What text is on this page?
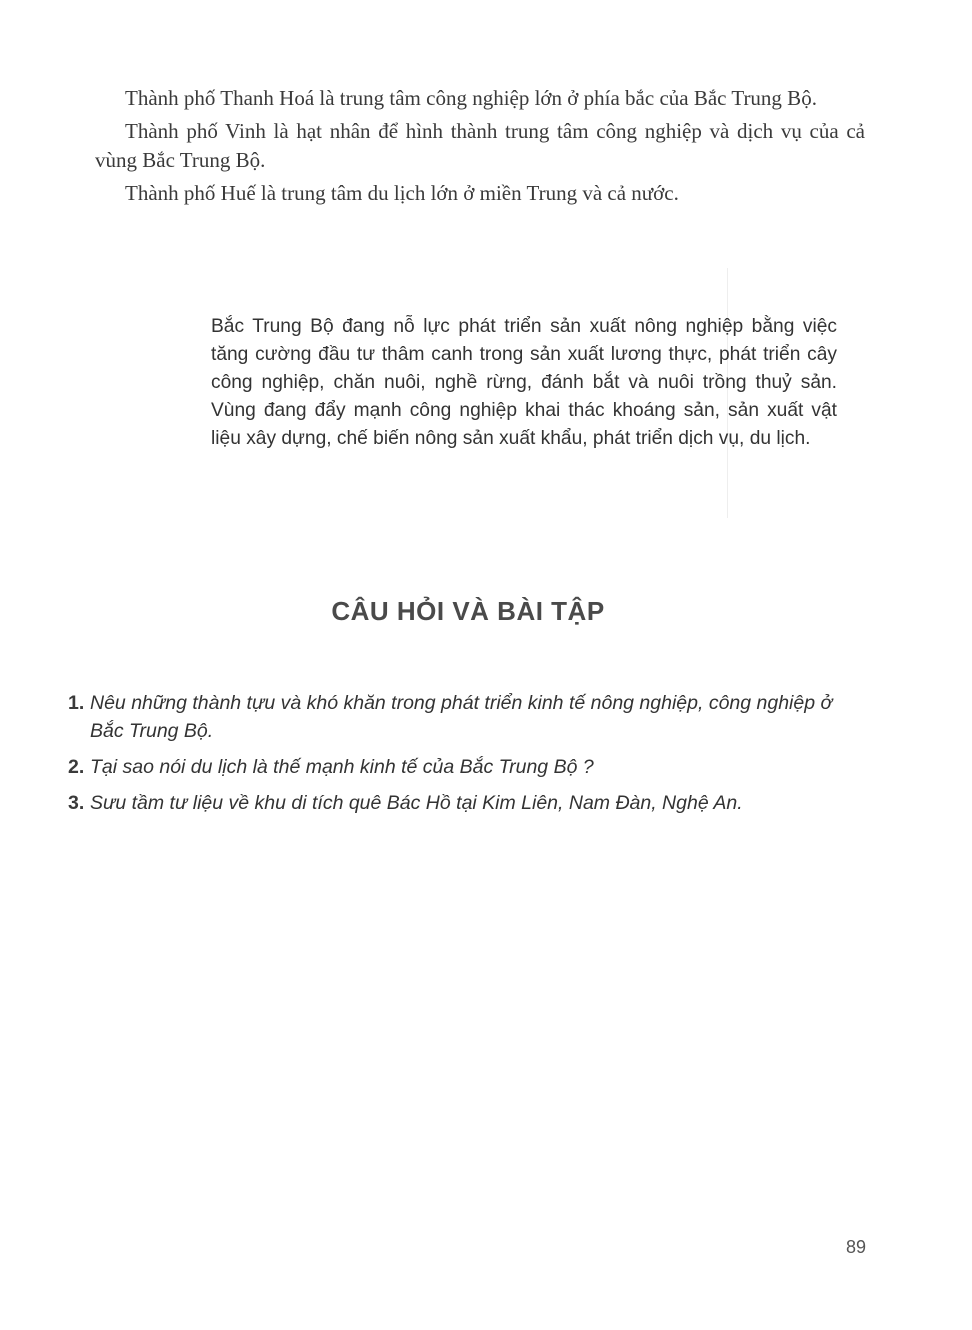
Thành phố Thanh Hoá là trung tâm công nghiệp lớn ở phía bắc của Bắc Trung Bộ.

Thành phố Vinh là hạt nhân để hình thành trung tâm công nghiệp và dịch vụ của cả vùng Bắc Trung Bộ.

Thành phố Huế là trung tâm du lịch lớn ở miền Trung và cả nước.

Bắc Trung Bộ đang nỗ lực phát triển sản xuất nông nghiệp bằng việc tăng cường đầu tư thâm canh trong sản xuất lương thực, phát triển cây công nghiệp, chăn nuôi, nghề rừng, đánh bắt và nuôi trồng thuỷ sản. Vùng đang đẩy mạnh công nghiệp khai thác khoáng sản, sản xuất vật liệu xây dựng, chế biến nông sản xuất khẩu, phát triển dịch vụ, du lịch.

CÂU HỎI VÀ BÀI TẬP
1. Nêu những thành tựu và khó khăn trong phát triển kinh tế nông nghiệp, công nghiệp ở Bắc Trung Bộ.
2. Tại sao nói du lịch là thế mạnh kinh tế của Bắc Trung Bộ ?
3. Sưu tầm tư liệu về khu di tích quê Bác Hồ tại Kim Liên, Nam Đàn, Nghệ An.
89
